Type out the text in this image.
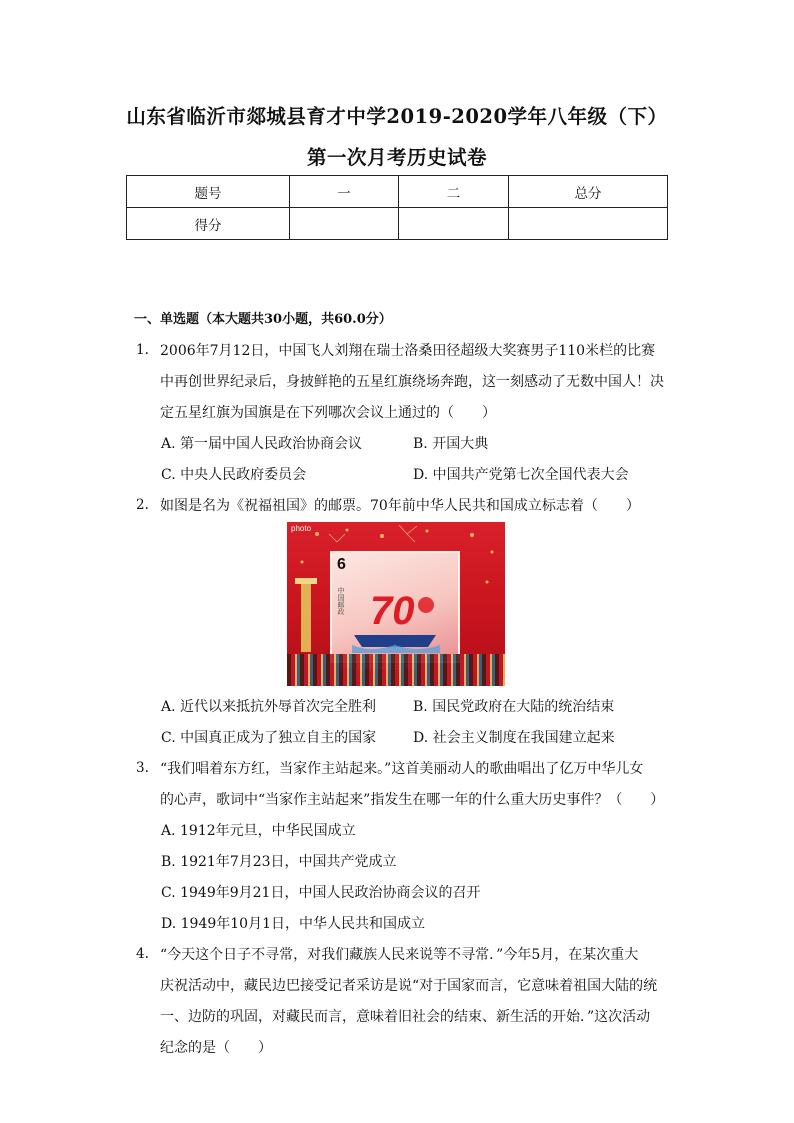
山东省临沂市郯城县育才中学2019-2020学年八年级（下）
第一次月考历史试卷
题号	一	二	总分
得分			
一、单选题（本大题共30小题，共60.0分）
1. 2006年7月12日，中国飞人刘翔在瑞士洛桑田径超级大奖赛男子110米栏的比赛
中再创世界纪录后，身披鲜艳的五星红旗绕场奔跑，这一刻感动了无数中国人！决
定五星红旗为国旗是在下列哪次会议上通过的（　　）
A. 第一届中国人民政治协商会议	B. 开国大典
C. 中央人民政府委员会	D. 中国共产党第七次全国代表大会
2. 如图是名为《祝福祖国》的邮票。70年前中华人民共和国成立标志着（　　）
photo
6
中国邮政 70
A. 近代以来抵抗外辱首次完全胜利	B. 国民党政府在大陆的统治结束
C. 中国真正成为了独立自主的国家	D. 社会主义制度在我国建立起来
3. “我们唱着东方红，当家作主站起来。”这首美丽动人的歌曲唱出了亿万中华儿女
的心声，歌词中“当家作主站起来”指发生在哪一年的什么重大历史事件？（　　）
A. 1912年元旦，中华民国成立
B. 1921年7月23日，中国共产党成立
C. 1949年9月21日，中国人民政治协商会议的召开
D. 1949年10月1日，中华人民共和国成立
4. “今天这个日子不寻常，对我们藏族人民来说等不寻常．”今年5月，在某次重大
庆祝活动中，藏民边巴接受记者采访是说“对于国家而言，它意味着祖国大陆的统
一、边防的巩固，对藏民而言，意味着旧社会的结束、新生活的开始．”这次活动
纪念的是（　　）
